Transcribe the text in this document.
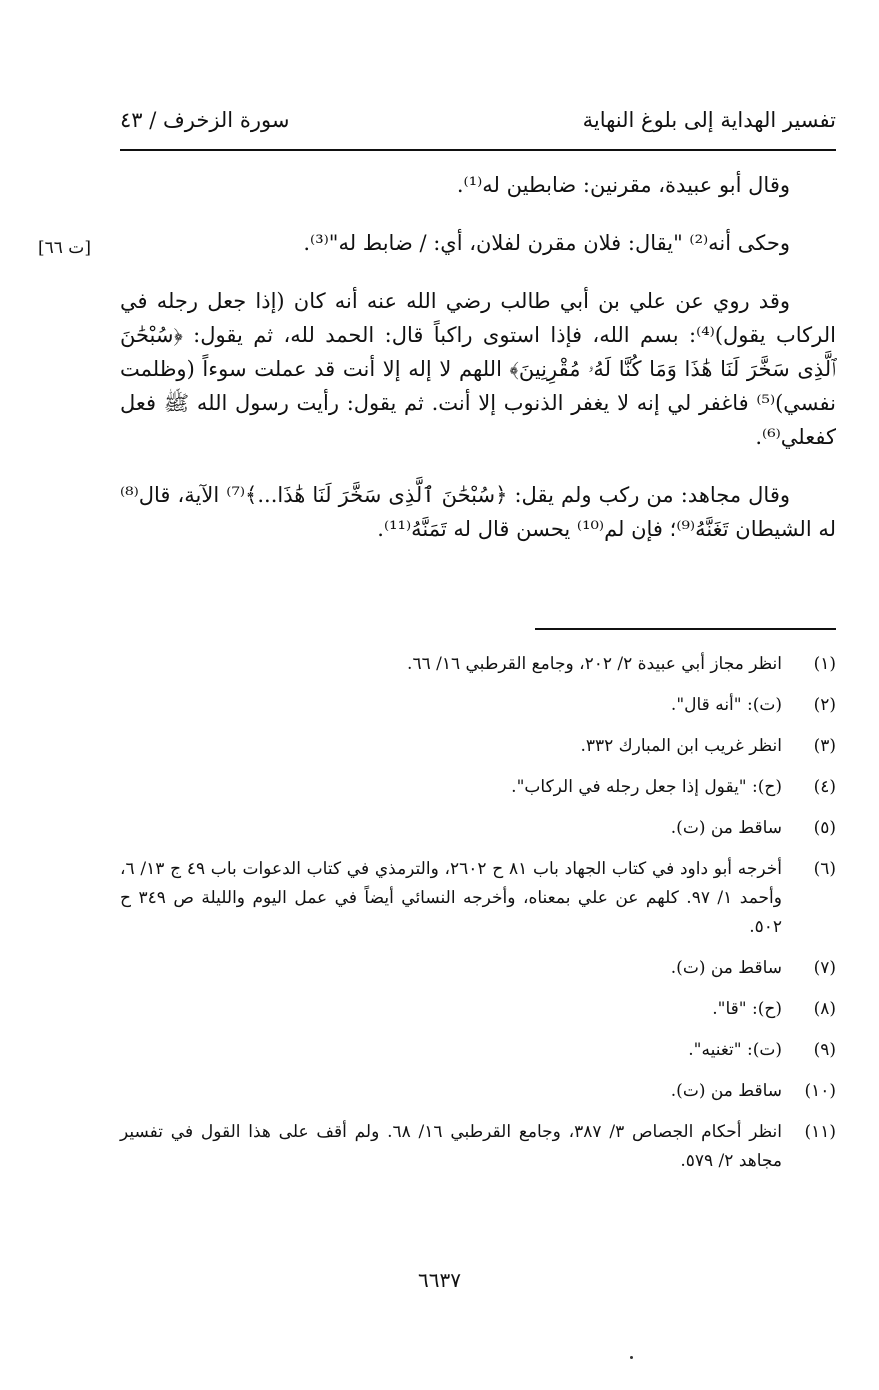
تفسير الهداية إلى بلوغ النهاية
سورة الزخرف / ٤٣
[ت ٦٦]

وقال أبو عبيدة، مقرنين: ضابطين له⁽¹⁾.

وحكى أنه⁽²⁾ "يقال: فلان مقرن لفلان، أي: / ضابط له"⁽³⁾.

وقد روي عن علي بن أبي طالب رضي الله عنه أنه كان (إذا جعل رجله في الركاب يقول)⁽⁴⁾: بسم الله، فإذا استوى راكباً قال: الحمد لله، ثم يقول: ﴿سُبْحَٰنَ ٱلَّذِى سَخَّرَ لَنَا هَٰذَا وَمَا كُنَّا لَهُۥ مُقْرِنِينَ﴾ اللهم لا إله إلا أنت قد عملت سوءاً (وظلمت نفسي)⁽⁵⁾ فاغفر لي إنه لا يغفر الذنوب إلا أنت. ثم يقول: رأيت رسول الله ﷺ فعل كفعلي⁽⁶⁾.

وقال مجاهد: من ركب ولم يقل: ﴿سُبْحَٰنَ ٱلَّذِى سَخَّرَ لَنَا هَٰذَا...﴾⁽⁷⁾ الآية، قال⁽⁸⁾ له الشيطان تَغَنَّهُ⁽⁹⁾؛ فإن لم⁽¹⁰⁾ يحسن قال له تَمَنَّهُ⁽¹¹⁾.

(١)
انظر مجاز أبي عبيدة ٢/ ٢٠٢، وجامع القرطبي ١٦/ ٦٦.
(٢)
(ت): "أنه قال".
(٣)
انظر غريب ابن المبارك ٣٣٢.
(٤)
(ح): "يقول إذا جعل رجله في الركاب".
(٥)
ساقط من (ت).
(٦)
أخرجه أبو داود في كتاب الجهاد باب ٨١ ح ٢٦٠٢، والترمذي في كتاب الدعوات باب ٤٩ ج ١٣/ ٦، وأحمد ١/ ٩٧. كلهم عن علي بمعناه، وأخرجه النسائي أيضاً في عمل اليوم والليلة ص ٣٤٩ ح ٥٠٢.
(٧)
ساقط من (ت).
(٨)
(ح): "قا".
(٩)
(ت): "تغنيه".
(١٠)
ساقط من (ت).
(١١)
انظر أحكام الجصاص ٣/ ٣٨٧، وجامع القرطبي ١٦/ ٦٨. ولم أقف على هذا القول في تفسير مجاهد ٢/ ٥٧٩.
٦٦٣٧
